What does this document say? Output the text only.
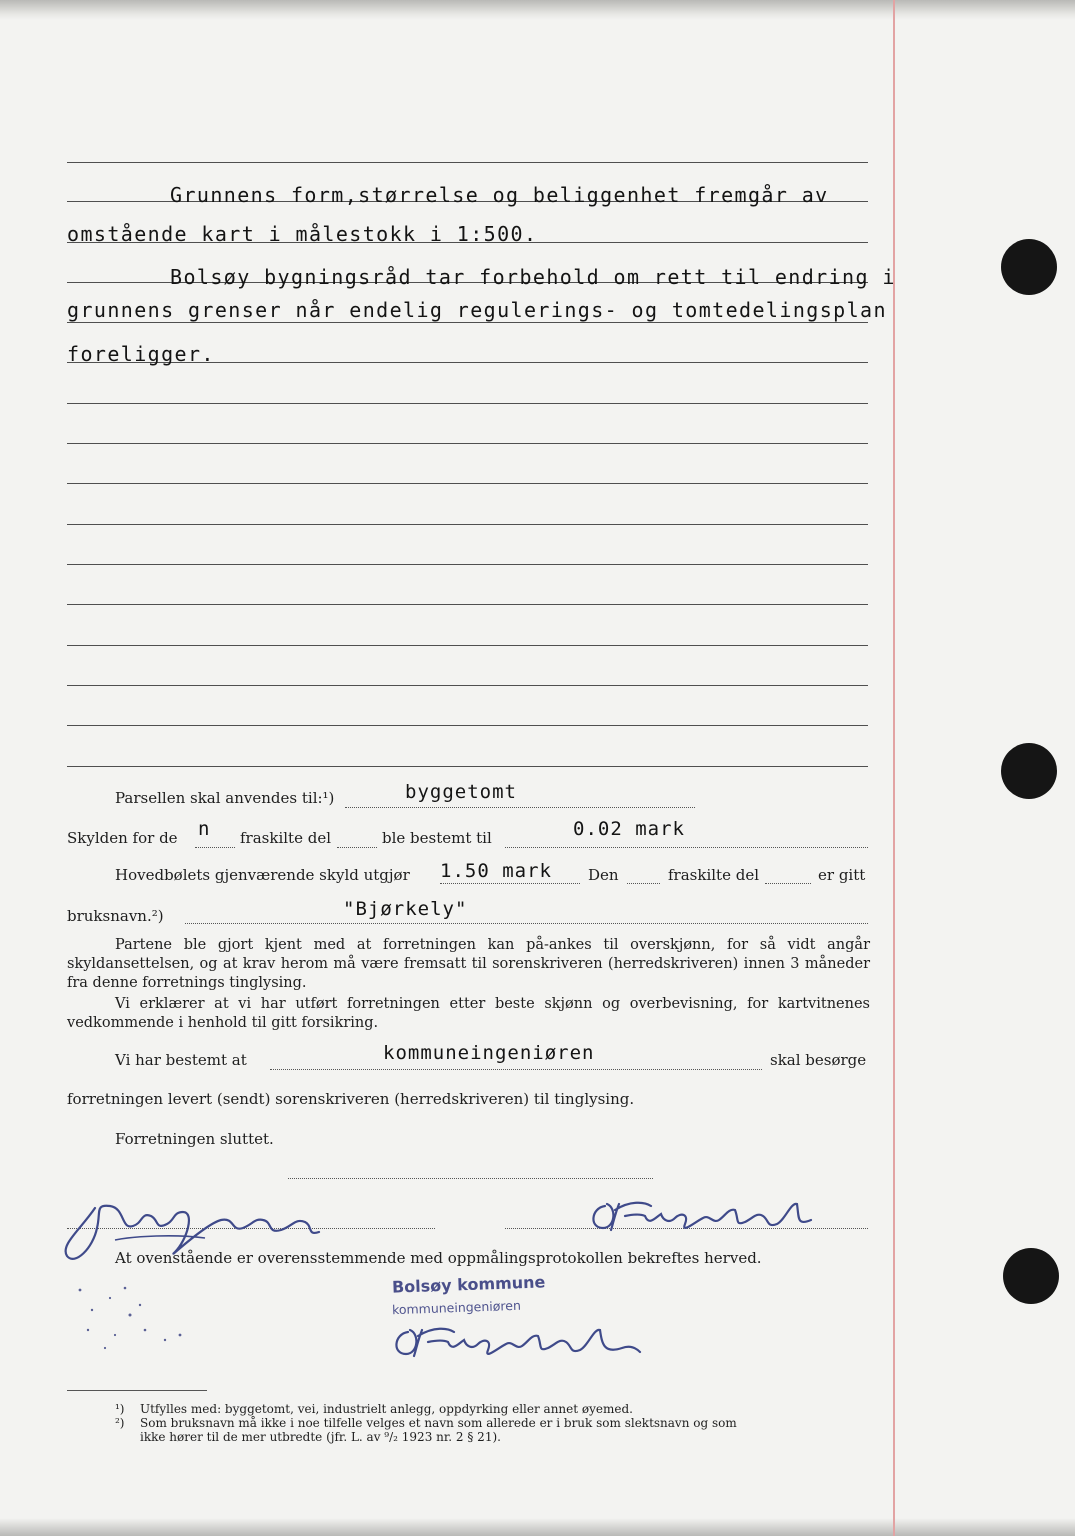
Grunnens form,størrelse og beliggenhet fremgår av
omstående kart i målestokk i 1:500.
Bolsøy bygningsråd tar forbehold om rett til endring i
grunnens grenser når endelig regulerings- og tomtedelingsplan
foreligger.
Parsellen skal anvendes til:¹)	byggetomt
Skylden for de n fraskilte del	ble bestemt til	0.02 mark
Hovedbølets gjenværende skyld utgjør 1.50 mark Den	fraskilte del	er gitt
bruksnavn.²)	"Bjørkely"
Partene ble gjort kjent med at forretningen kan på-ankes til overskjønn, for så vidt angår skyldansettelsen, og at krav herom må være fremsatt til sorenskriveren (herredskriveren) innen 3 måneder fra denne forretnings tinglysing.
Vi erklærer at vi har utført forretningen etter beste skjønn og overbevisning, for kartvitnenes vedkommende i henhold til gitt forsikring.
Vi har bestemt at	kommuneingeniøren	skal besørge
forretningen levert (sendt) sorenskriveren (herredskriveren) til tinglysing.
Forretningen sluttet.
At ovenstående er overensstemmende med oppmålingsprotokollen bekreftes herved.
Bolsøy kommune
kommuneingeniøren
¹) Utfylles med: byggetomt, vei, industrielt anlegg, oppdyrking eller annet øyemed.
²) Som bruksnavn må ikke i noe tilfelle velges et navn som allerede er i bruk som slektsnavn og som
ikke hører til de mer utbredte (jfr. L. av ⁹/₂ 1923 nr. 2 § 21).
